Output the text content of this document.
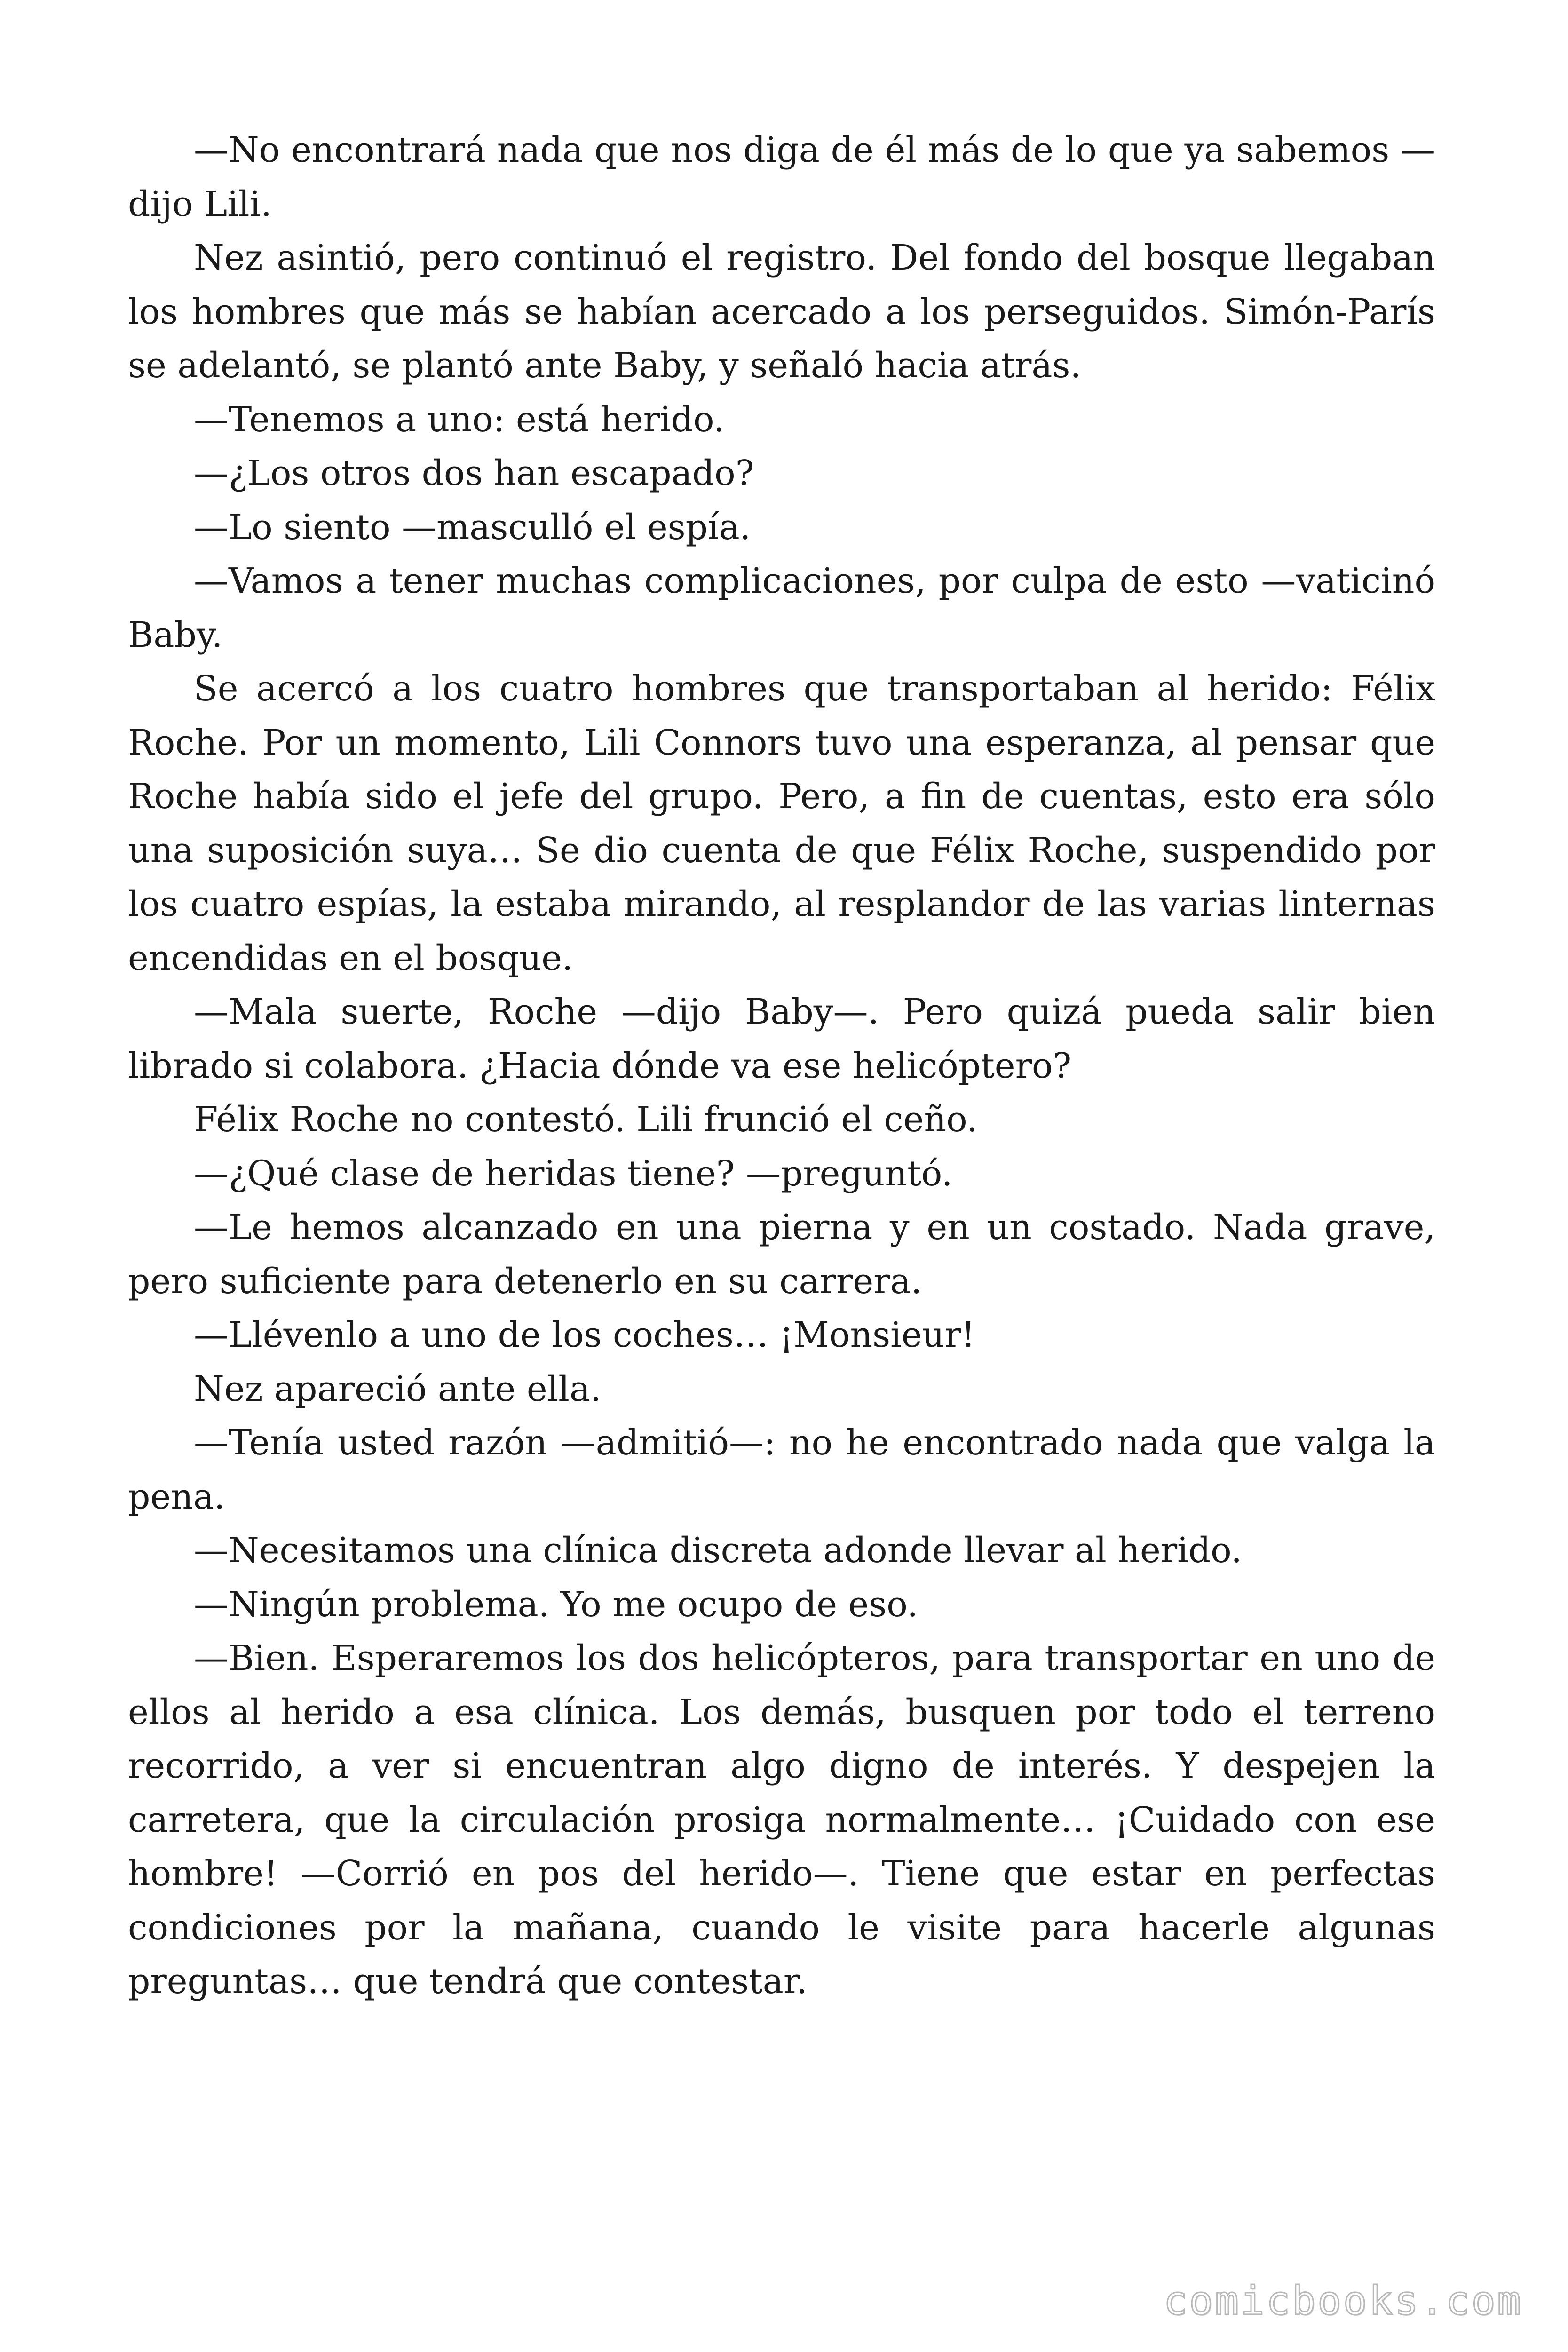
—No encontrará nada que nos diga de él más de lo que ya sabemos —dijo Lili.

Nez asintió, pero continuó el registro. Del fondo del bosque llegaban los hombres que más se habían acercado a los perseguidos. Simón-París se adelantó, se plantó ante Baby, y señaló hacia atrás.

—Tenemos a uno: está herido.

—¿Los otros dos han escapado?

—Lo siento —masculló el espía.

—Vamos a tener muchas complicaciones, por culpa de esto —vaticinó Baby.

Se acercó a los cuatro hombres que transportaban al herido: Félix Roche. Por un momento, Lili Connors tuvo una esperanza, al pensar que Roche había sido el jefe del grupo. Pero, a fin de cuentas, esto era sólo una suposición suya… Se dio cuenta de que Félix Roche, suspendido por los cuatro espías, la estaba mirando, al resplandor de las varias linternas encendidas en el bosque.

—Mala suerte, Roche —dijo Baby—. Pero quizá pueda salir bien librado si colabora. ¿Hacia dónde va ese helicóptero?

Félix Roche no contestó. Lili frunció el ceño.

—¿Qué clase de heridas tiene? —preguntó.

—Le hemos alcanzado en una pierna y en un costado. Nada grave, pero suficiente para detenerlo en su carrera.

—Llévenlo a uno de los coches… ¡Monsieur!

Nez apareció ante ella.

—Tenía usted razón —admitió—: no he encontrado nada que valga la pena.

—Necesitamos una clínica discreta adonde llevar al herido.

—Ningún problema. Yo me ocupo de eso.

—Bien. Esperaremos los dos helicópteros, para transportar en uno de ellos al herido a esa clínica. Los demás, busquen por todo el terreno recorrido, a ver si encuentran algo digno de interés. Y despejen la carretera, que la circulación prosiga normalmente… ¡Cuidado con ese hombre! —Corrió en pos del herido—. Tiene que estar en perfectas condiciones por la mañana, cuando le visite para hacerle algunas preguntas… que tendrá que contestar.

comicbooks.com
